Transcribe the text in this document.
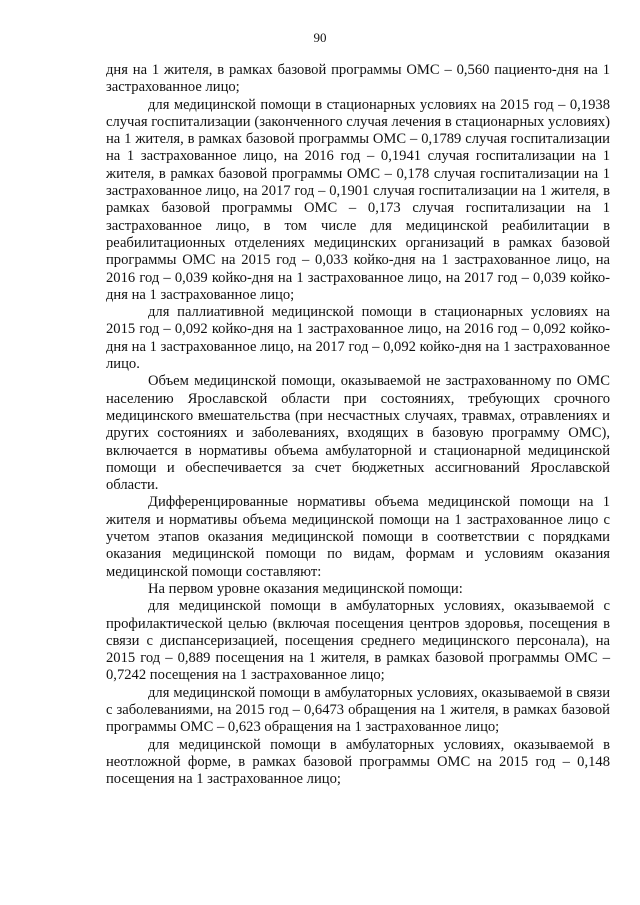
90

дня на 1 жителя, в рамках базовой программы ОМС – 0,560 пациенто-дня на 1 застрахованное лицо;

для медицинской помощи в стационарных условиях на 2015 год – 0,1938 случая госпитализации (законченного случая лечения в стационарных условиях) на 1 жителя, в рамках базовой программы ОМС – 0,1789 случая госпитализации на 1 застрахованное лицо, на 2016 год – 0,1941 случая госпитализации на 1 жителя, в рамках базовой программы ОМС – 0,178 случая госпитализации на 1 застрахованное лицо, на 2017 год – 0,1901 случая госпитализации на 1 жителя, в рамках базовой программы ОМС – 0,173 случая госпитализации на 1 застрахованное лицо, в том числе для медицинской реабилитации в реабилитационных отделениях медицинских организаций в рамках базовой программы ОМС на 2015 год – 0,033 койко-дня на 1 застрахованное лицо, на 2016 год – 0,039 койко-дня на 1 застрахованное лицо, на 2017 год – 0,039 койко-дня на 1 застрахованное лицо;

для паллиативной медицинской помощи в стационарных условиях на 2015 год – 0,092 койко-дня на 1 застрахованное лицо, на 2016 год – 0,092 койко-дня на 1 застрахованное лицо, на 2017 год – 0,092 койко-дня на 1 застрахованное лицо.

Объем медицинской помощи, оказываемой не застрахованному по ОМС населению Ярославской области при состояниях, требующих срочного медицинского вмешательства (при несчастных случаях, травмах, отравлениях и других состояниях и заболеваниях, входящих в базовую программу ОМС), включается в нормативы объема амбулаторной и стационарной медицинской помощи и обеспечивается за счет бюджетных ассигнований Ярославской области.

Дифференцированные нормативы объема медицинской помощи на 1 жителя и нормативы объема медицинской помощи на 1 застрахованное лицо с учетом этапов оказания медицинской помощи в соответствии с порядками оказания медицинской помощи по видам, формам и условиям оказания медицинской помощи составляют:

На первом уровне оказания медицинской помощи:

для медицинской помощи в амбулаторных условиях, оказываемой с профилактической целью (включая посещения центров здоровья, посещения в связи с диспансеризацией, посещения среднего медицинского персонала), на 2015 год – 0,889 посещения на 1 жителя, в рамках базовой программы ОМС – 0,7242 посещения на 1 застрахованное лицо;

для медицинской помощи в амбулаторных условиях, оказываемой в связи с заболеваниями, на 2015 год – 0,6473 обращения на 1 жителя, в рамках базовой программы ОМС – 0,623 обращения на 1 застрахованное лицо;

для медицинской помощи в амбулаторных условиях, оказываемой в неотложной форме, в рамках базовой программы ОМС на 2015 год – 0,148 посещения на 1 застрахованное лицо;
